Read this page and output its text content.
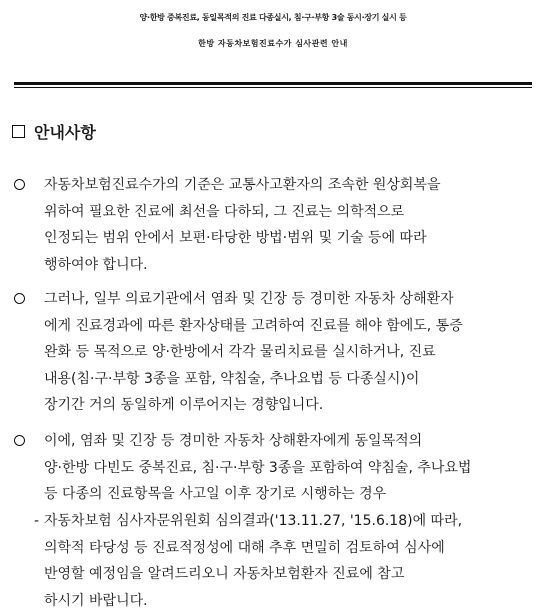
양·한방 중복진료, 동일목적의 진료 다종실시, 침·구·부항 3술 동시·장기 실시 등
한방 자동차보험진료수가 심사관련 안내
안내사항
자동차보험진료수가의 기준은 교통사고환자의 조속한 원상회복을
위하여 필요한 진료에 최선을 다하되, 그 진료는 의학적으로
인정되는 범위 안에서 보편·타당한 방법·범위 및 기술 등에 따라
행하여야 합니다.
그러나, 일부 의료기관에서 염좌 및 긴장 등 경미한 자동차 상해환자
에게 진료경과에 따른 환자상태를 고려하여 진료를 해야 함에도, 통증
완화 등 목적으로 양·한방에서 각각 물리치료를 실시하거나, 진료
내용(침·구·부항 3종을 포함, 약침술, 추나요법 등 다종실시)이
장기간 거의 동일하게 이루어지는 경향입니다.
이에, 염좌 및 긴장 등 경미한 자동차 상해환자에게 동일목적의
양·한방 다빈도 중복진료, 침·구·부항 3종을 포함하여 약침술, 추나요법
등 다종의 진료항목을 사고일 이후 장기로 시행하는 경우
- 자동차보험 심사자문위원회 심의결과('13.11.27, '15.6.18)에 따라,
의학적 타당성 등 진료적정성에 대해 추후 면밀히 검토하여 심사에
반영할 예정임을 알려드리오니 자동차보험환자 진료에 참고
하시기 바랍니다.
